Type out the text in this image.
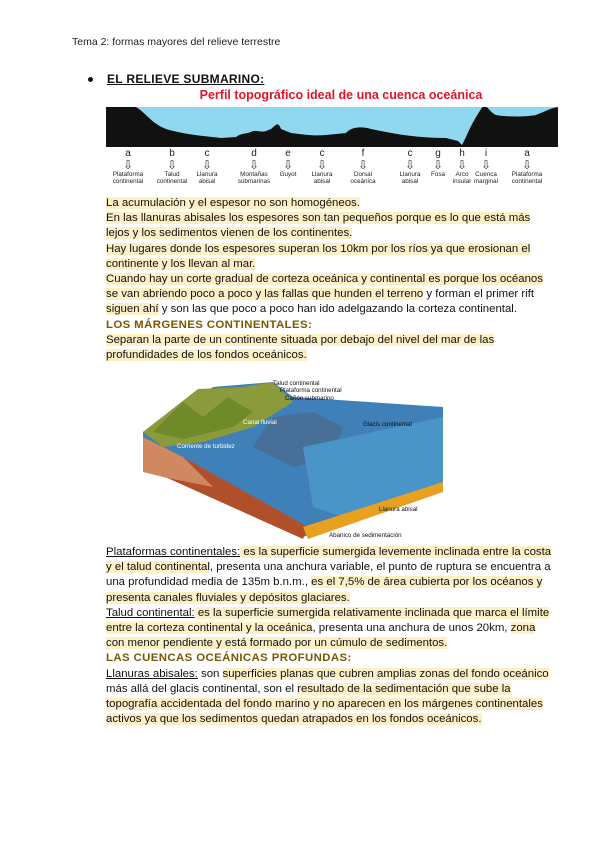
Tema 2: formas mayores del relieve terrestre
EL RELIEVE SUBMARINO:
Perfil topográfico ideal de una cuenca oceánica
a
⇩
Plataforma
continental
b
⇩
Talud
continental
c
⇩
Llanura
abisal
d
⇩
Montañas
submarinas
e
⇩
Guyot
c
⇩
Llanura
abisal
f
⇩
Dorsal
oceánica
c
⇩
Llanura
abisal
g
⇩
Fosa
h
⇩
Arco
insular
i
⇩
Cuenca
marginal
a
⇩
Plataforma
continental

La acumulación y el espesor no son homogéneos.

En las llanuras abisales los espesores son tan pequeños porque es lo que está más lejos y los sedimentos vienen de los continentes.

Hay lugares donde los espesores superan los 10km por los ríos ya que erosionan el continente y los llevan al mar.

Cuando hay un corte gradual de corteza oceánica y continental es porque los océanos se van abriendo poco a poco y las fallas que hunden el terreno y forman el primer rift siguen ahí y son las que poco a poco han ido adelgazando la corteza continental.

LOS MÁRGENES CONTINENTALES:

Separan la parte de un continente situada por debajo del nivel del mar de las profundidades de los fondos oceánicos.

Talud continental
Plataforma continental
Cañón submarino
Glacis continental
Canal fluvial
Corriente de turbidez
Llanura abisal
Abanico de sedimentación

Plataformas continentales: es la superficie sumergida levemente inclinada entre la costa y el talud continental, presenta una anchura variable, el punto de ruptura se encuentra a una profundidad media de 135m b.n.m., es el 7,5% de área cubierta por los océanos y presenta canales fluviales y depósitos glaciares.

Talud continental: es la superficie sumergida relativamente inclinada que marca el límite entre la corteza continental y la oceánica, presenta una anchura de unos 20km, zona con menor pendiente y está formado por un cúmulo de sedimentos.

LAS CUENCAS OCEÁNICAS PROFUNDAS:

Llanuras abisales: son superficies planas que cubren amplias zonas del fondo oceánico más allá del glacis continental, son el resultado de la sedimentación que sube la topografía accidentada del fondo marino y no aparecen en los márgenes continentales activos ya que los sedimentos quedan atrapados en los fondos oceánicos.
